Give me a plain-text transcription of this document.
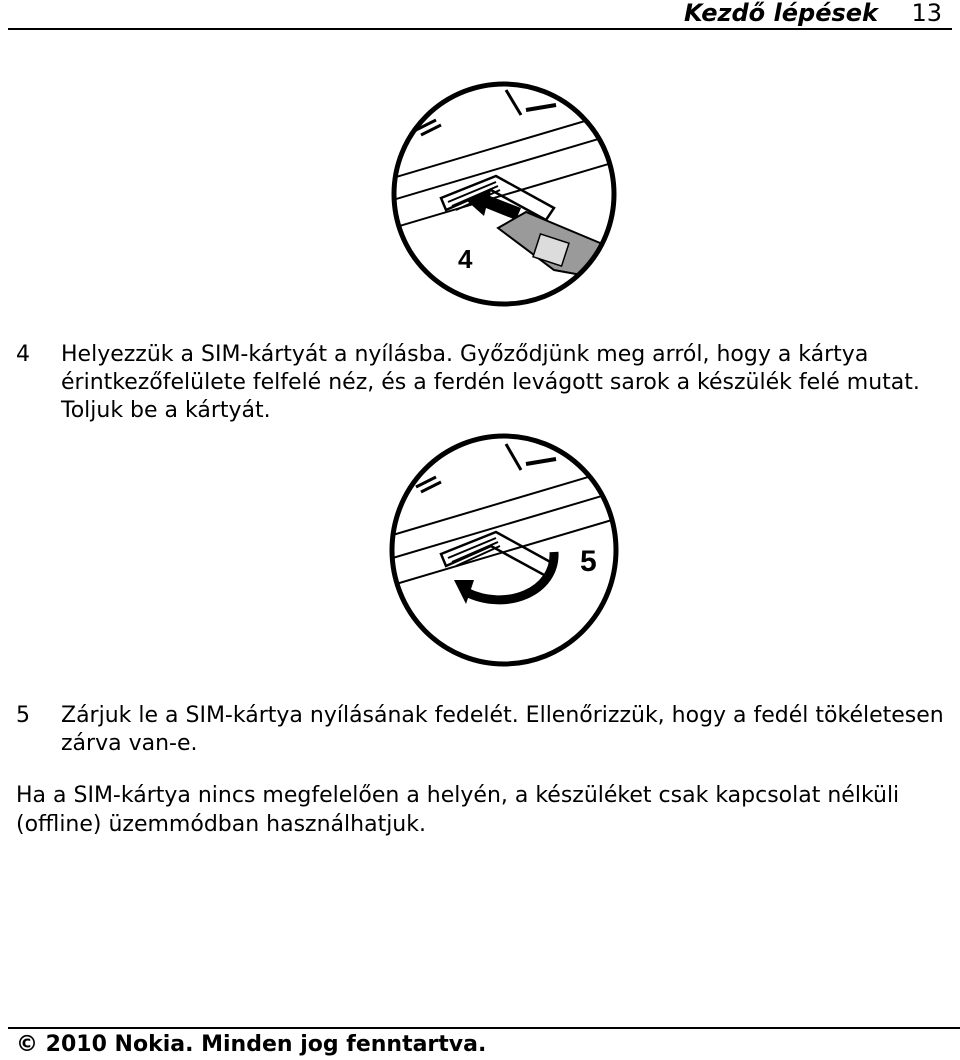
Kezdő lépések 13
4
4 Helyezzük a SIM-kártyát a nyílásba. Győződjünk meg arról, hogy a kártya érintkezőfelülete felfelé néz, és a ferdén levágott sarok a készülék felé mutat. Toljuk be a kártyát.
5
5 Zárjuk le a SIM-kártya nyílásának fedelét. Ellenőrizzük, hogy a fedél tökéletesen zárva van-e.
Ha a SIM-kártya nincs megfelelően a helyén, a készüléket csak kapcsolat nélküli (offline) üzemmódban használhatjuk.
© 2010 Nokia. Minden jog fenntartva.
